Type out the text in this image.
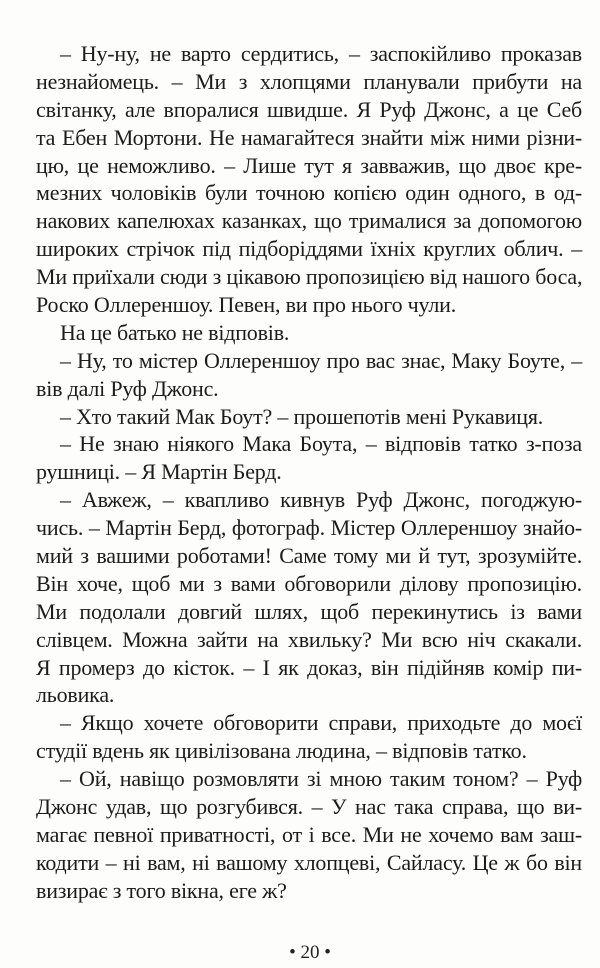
– Ну-ну, не варто сердитись, – заспокійливо проказав
незнайомець. – Ми з хлопцями планували прибути на
світанку, але впоралися швидше. Я Руф Джонс, а це Себ
та Ебен Мортони. Не намагайтеся знайти між ними різни-
цю, це неможливо. – Лише тут я завважив, що двоє кре-
мезних чоловіків були точною копією один одного, в од-
накових капелюхах казанках, що трималися за допомогою
широких стрічок під підборіддями їхніх круглих облич. –
Ми приїхали сюди з цікавою пропозицією від нашого боса,
Роско Оллереншоу. Певен, ви про нього чули.
На це батько не відповів.
– Ну, то містер Оллереншоу про вас знає, Маку Боуте, –
вів далі Руф Джонс.
– Хто такий Мак Боут? – прошепотів мені Рукавиця.
– Не знаю ніякого Мака Боута, – відповів татко з-поза
рушниці. – Я Мартін Берд.
– Авжеж, – квапливо кивнув Руф Джонс, погоджую-
чись. – Мартін Берд, фотограф. Містер Оллереншоу знайо-
мий з вашими роботами! Саме тому ми й тут, зрозумійте.
Він хоче, щоб ми з вами обговорили ділову пропозицію.
Ми подолали довгий шлях, щоб перекинутись із вами
слівцем. Можна зайти на хвильку? Ми всю ніч скакали.
Я промерз до кісток. – І як доказ, він підійняв комір пи-
льовика.
– Якщо хочете обговорити справи, приходьте до моєї
студії вдень як цивілізована людина, – відповів татко.
– Ой, навіщо розмовляти зі мною таким тоном? – Руф
Джонс удав, що розгубився. – У нас така справа, що ви-
магає певної приватності, от і все. Ми не хочемо вам заш-
кодити – ні вам, ні вашому хлопцеві, Сайласу. Це ж бо він
визирає з того вікна, еге ж?
• 20 •
